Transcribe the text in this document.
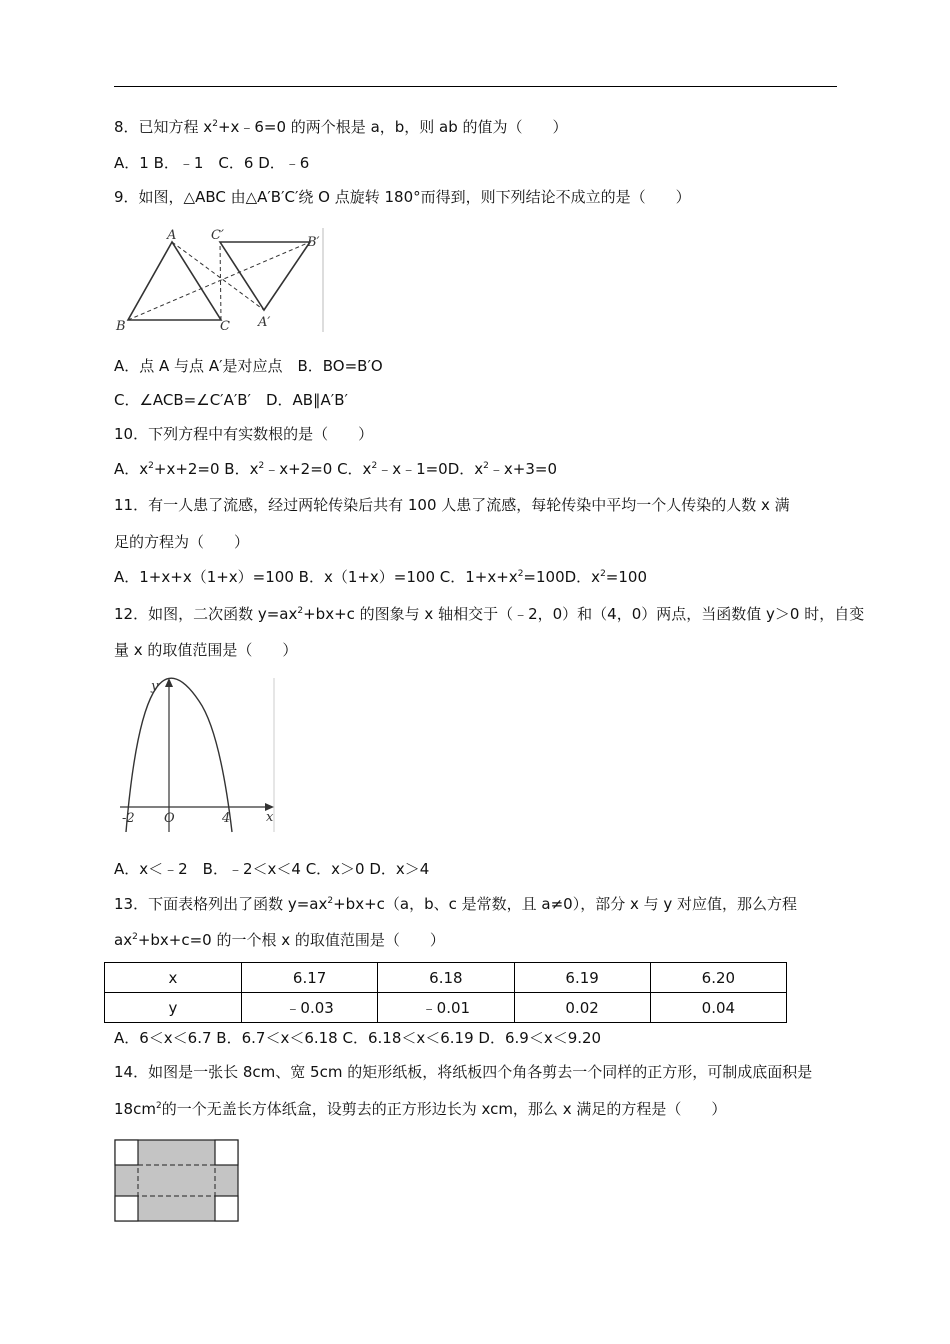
8．已知方程 $x^2+x﹣6=0$ 的两个根是 a，b，则 ab 的值为（　　）
A．1 B．﹣1　C．6 D．﹣6
9．如图，△ABC 由△A′B′C′绕 O 点旋转 180°而得到，则下列结论不成立的是（　　）
A
B	C
C′	B′
A′
A．点 A 与点 A′是对应点　B．BO=B′O
C．∠ACB=∠C′A′B′　D．AB∥A′B′
10．下列方程中有实数根的是（　　）
A．$x^2+x+2=0$ B．$x^2﹣x+2=0$ C．$x^2﹣x﹣1=0D$．$x^2﹣x+3=0$
11．有一人患了流感，经过两轮传染后共有 100 人患了流感，每轮传染中平均一个人传染的人数 x 满
足的方程为（　　）
A．1+x+x（1+x）=100 B．x（1+x）=100 C．$1+x+x^2=100D$．$x^2=100$
12．如图，二次函数 $y=ax^2+bx+c$ 的图象与 x 轴相交于（﹣2，0）和（4，0）两点，当函数值 y＞0 时，自变
量 x 的取值范围是（　　）
y
x
O
-2	4
A．x＜﹣2　B．﹣2＜x＜4 C．x＞0 D．x＞4
13．下面表格列出了函数 $y=ax^2+bx+c(a$，b、c 是常数，且 a≠0），部分 x 与 y 对应值，那么方程
$ax^2+bx+c=0$ 的一个根 x 的取值范围是（　　）
x	6.17	6.18	6.19	6.20
y	﹣0.03	﹣0.01	0.02	0.04
A．6＜x＜6.7 B．6.7＜x＜6.18 C．6.18＜x＜6.19 D．6.9＜x＜9.20
14．如图是一张长 8cm、宽 5cm 的矩形纸板，将纸板四个角各剪去一个同样的正方形，可制成底面积是
$18cm^2$的一个无盖长方体纸盒，设剪去的正方形边长为 xcm，那么 x 满足的方程是（　　）
